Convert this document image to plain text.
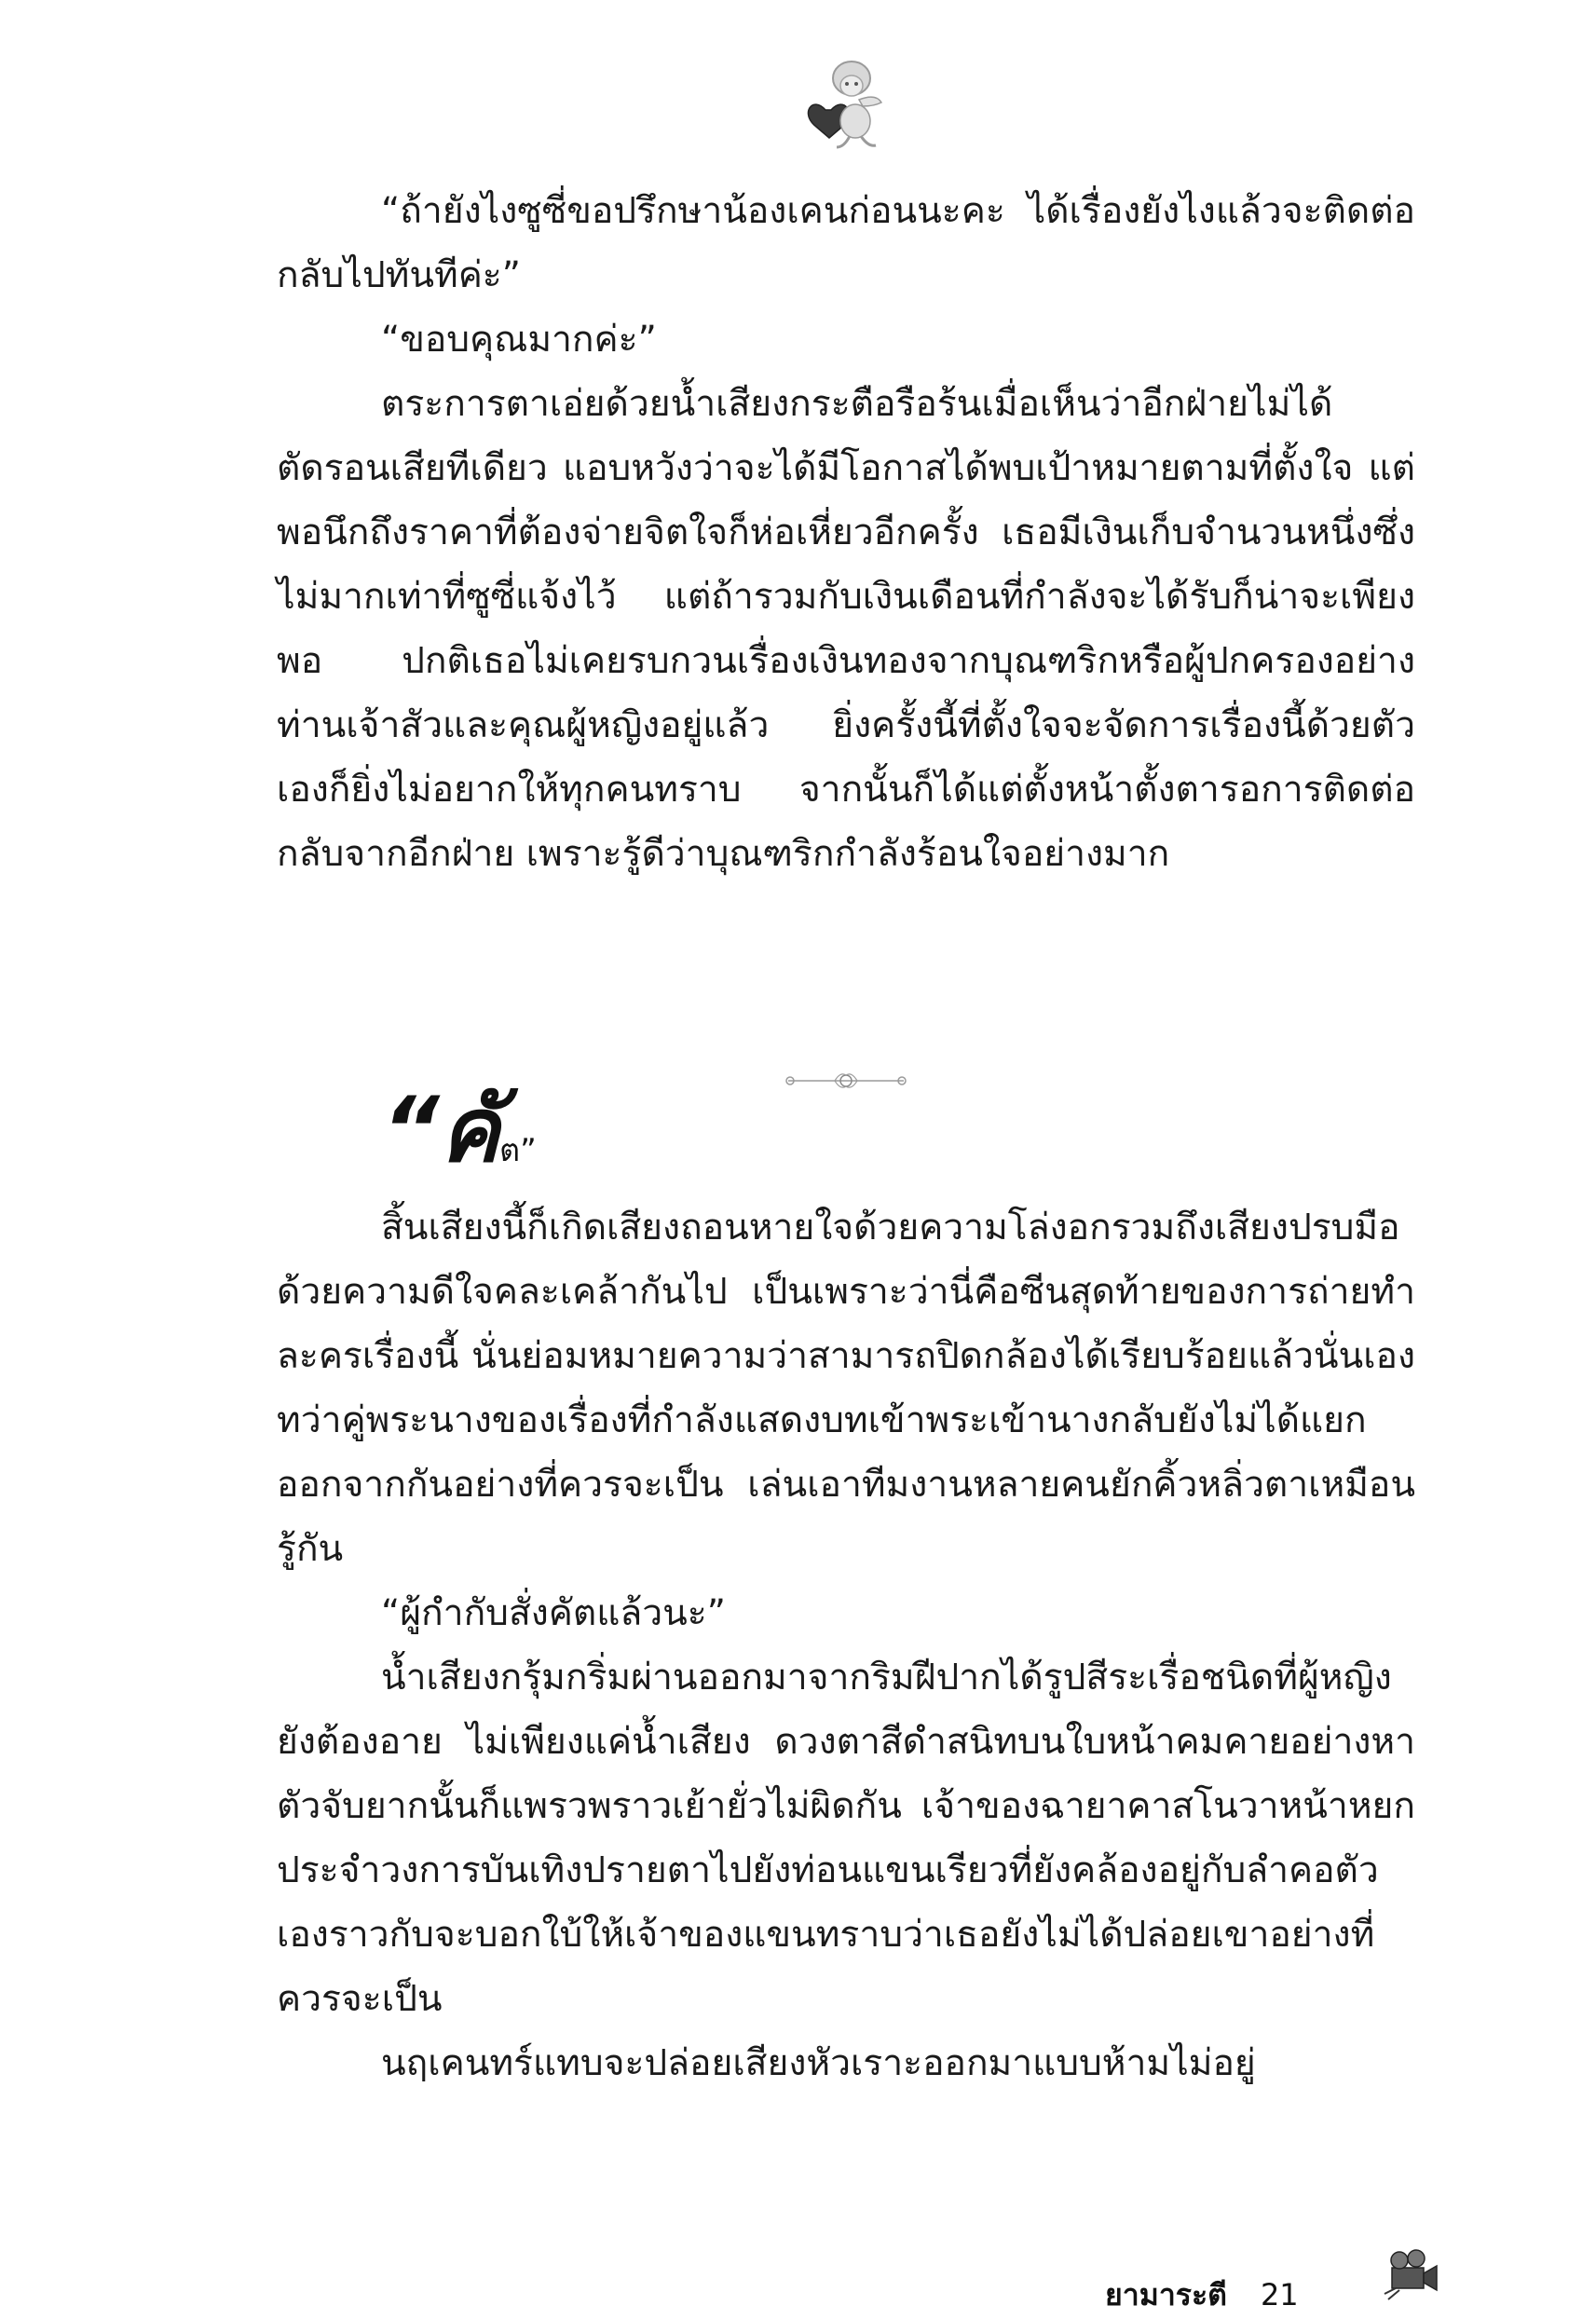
“ถ้ายังไงซูซี่ขอปรึกษาน้องเคนก่อนนะคะ ได้เรื่องยังไงแล้วจะติดต่อกลับไปทันทีค่ะ”

“ขอบคุณมากค่ะ”

ตระการตาเอ่ยด้วยน้ำเสียงกระตือรือร้นเมื่อเห็นว่าอีกฝ่ายไม่ได้ตัดรอนเสียทีเดียว แอบหวังว่าจะได้มีโอกาสได้พบเป้าหมายตามที่ตั้งใจ แต่พอนึกถึงราคาที่ต้องจ่ายจิตใจก็ห่อเหี่ยวอีกครั้ง เธอมีเงินเก็บจำนวนหนึ่งซึ่งไม่มากเท่าที่ซูซี่แจ้งไว้ แต่ถ้ารวมกับเงินเดือนที่กำลังจะได้รับก็น่าจะเพียงพอ ปกติเธอไม่เคยรบกวนเรื่องเงินทองจากบุณฑริกหรือผู้ปกครองอย่างท่านเจ้าสัวและคุณผู้หญิงอยู่แล้ว ยิ่งครั้งนี้ที่ตั้งใจจะจัดการเรื่องนี้ด้วยตัวเองก็ยิ่งไม่อยากให้ทุกคนทราบ จากนั้นก็ได้แต่ตั้งหน้าตั้งตารอการติดต่อกลับจากอีกฝ่าย เพราะรู้ดีว่าบุณฑริกกำลังร้อนใจอย่างมาก

“คัต”

สิ้นเสียงนี้ก็เกิดเสียงถอนหายใจด้วยความโล่งอกรวมถึงเสียงปรบมือด้วยความดีใจคละเคล้ากันไป เป็นเพราะว่านี่คือซีนสุดท้ายของการถ่ายทำละครเรื่องนี้ นั่นย่อมหมายความว่าสามารถปิดกล้องได้เรียบร้อยแล้วนั่นเอง ทว่าคู่พระนางของเรื่องที่กำลังแสดงบทเข้าพระเข้านางกลับยังไม่ได้แยกออกจากกันอย่างที่ควรจะเป็น เล่นเอาทีมงานหลายคนยักคิ้วหลิ่วตาเหมือนรู้กัน

“ผู้กำกับสั่งคัตแล้วนะ”

น้ำเสียงกรุ้มกริ่มผ่านออกมาจากริมฝีปากได้รูปสีระเรื่อชนิดที่ผู้หญิงยังต้องอาย ไม่เพียงแค่น้ำเสียง ดวงตาสีดำสนิทบนใบหน้าคมคายอย่างหาตัวจับยากนั้นก็แพรวพราวเย้ายั่วไม่ผิดกัน เจ้าของฉายาคาสโนวาหน้าหยกประจำวงการบันเทิงปรายตาไปยังท่อนแขนเรียวที่ยังคล้องอยู่กับลำคอตัวเองราวกับจะบอกใบ้ให้เจ้าของแขนทราบว่าเธอยังไม่ได้ปล่อยเขาอย่างที่ควรจะเป็น

นฤเคนทร์แทบจะปล่อยเสียงหัวเราะออกมาแบบห้ามไม่อยู่

ยามาระตี 21
